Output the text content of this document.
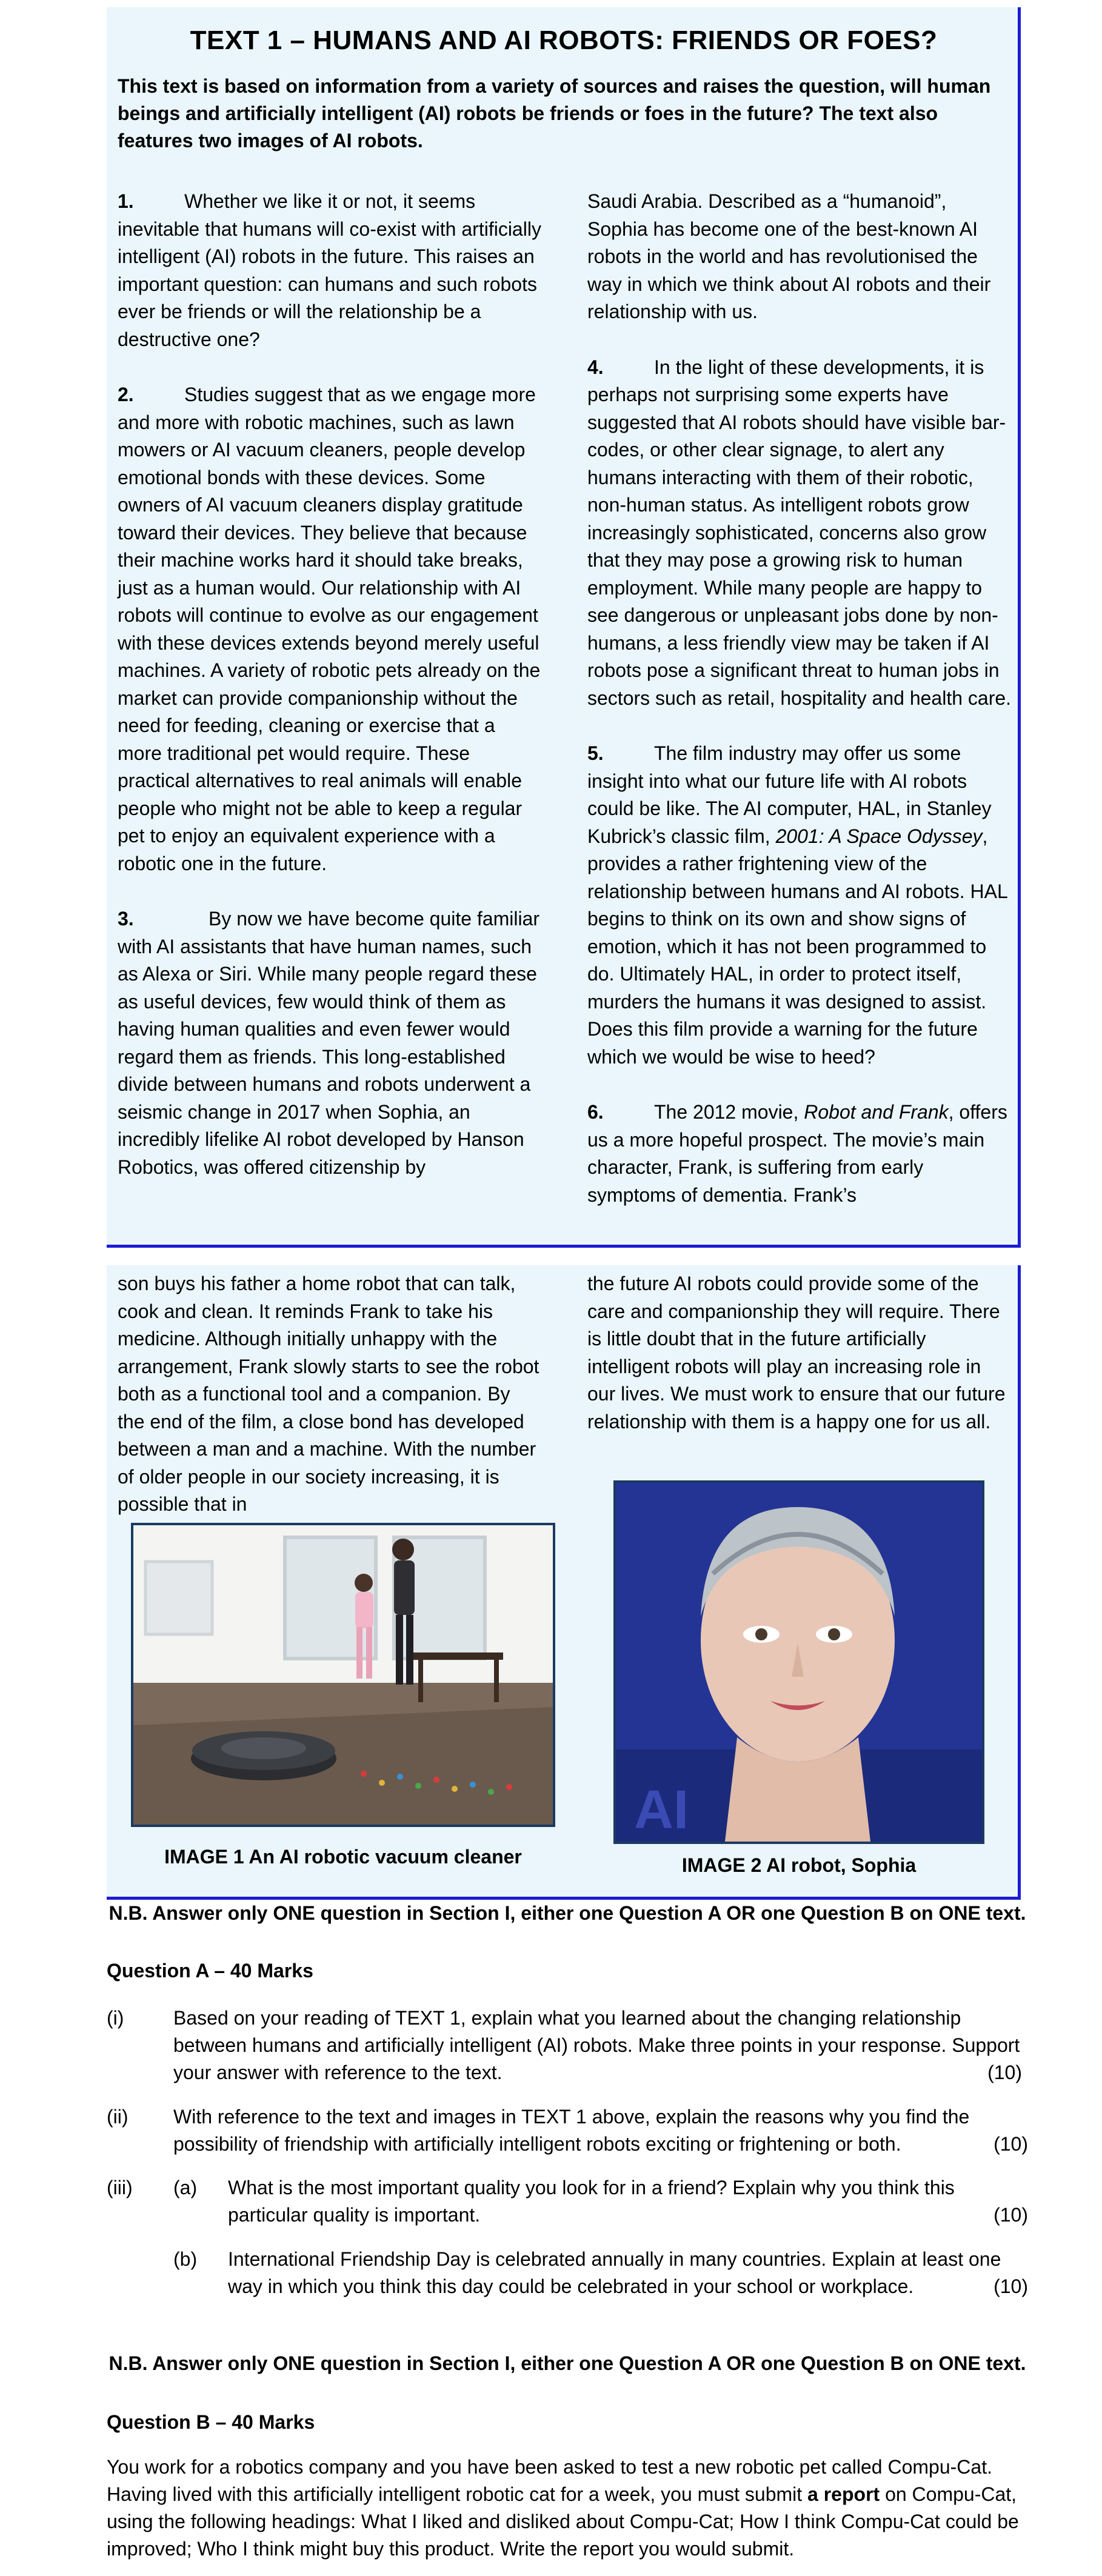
TEXT 1 – HUMANS AND AI ROBOTS: FRIENDS OR FOES?
This text is based on information from a variety of sources and raises the question, will human beings and artificially intelligent (AI) robots be friends or foes in the future? The text also features two images of AI robots.

1.	Whether we like it or not, it seems inevitable that humans will co-exist with artificially intelligent (AI) robots in the future. This raises an important question: can humans and such robots ever be friends or will the relationship be a destructive one?

2.	Studies suggest that as we engage more and more with robotic machines, such as lawn mowers or AI vacuum cleaners, people develop emotional bonds with these devices. Some owners of AI vacuum cleaners display gratitude toward their devices. They believe that because their machine works hard it should take breaks, just as a human would. Our relationship with AI robots will continue to evolve as our engagement with these devices extends beyond merely useful machines. A variety of robotic pets already on the market can provide companionship without the need for feeding, cleaning or exercise that a more traditional pet would require. These practical alternatives to real animals will enable people who might not be able to keep a regular pet to enjoy an equivalent experience with a robotic one in the future.

3.	By now we have become quite familiar with AI assistants that have human names, such as Alexa or Siri. While many people regard these as useful devices, few would think of them as having human qualities and even fewer would regard them as friends. This long-established divide between humans and robots underwent a seismic change in 2017 when Sophia, an incredibly lifelike AI robot developed by Hanson Robotics, was offered citizenship by

Saudi Arabia. Described as a “humanoid”, Sophia has become one of the best-known AI robots in the world and has revolutionised the way in which we think about AI robots and their relationship with us.

4.	In the light of these developments, it is perhaps not surprising some experts have suggested that AI robots should have visible bar-codes, or other clear signage, to alert any humans interacting with them of their robotic, non-human status. As intelligent robots grow increasingly sophisticated, concerns also grow that they may pose a growing risk to human employment. While many people are happy to see dangerous or unpleasant jobs done by non-humans, a less friendly view may be taken if AI robots pose a significant threat to human jobs in sectors such as retail, hospitality and health care.

5.	The film industry may offer us some insight into what our future life with AI robots could be like. The AI computer, HAL, in Stanley Kubrick’s classic film, 2001: A Space Odyssey, provides a rather frightening view of the relationship between humans and AI robots. HAL begins to think on its own and show signs of emotion, which it has not been programmed to do. Ultimately HAL, in order to protect itself, murders the humans it was designed to assist. Does this film provide a warning for the future which we would be wise to heed?

6.	The 2012 movie, Robot and Frank, offers us a more hopeful prospect. The movie’s main character, Frank, is suffering from early symptoms of dementia. Frank’s

son buys his father a home robot that can talk, cook and clean. It reminds Frank to take his medicine. Although initially unhappy with the arrangement, Frank slowly starts to see the robot both as a functional tool and a companion. By the end of the film, a close bond has developed between a man and a machine. With the number of older people in our society increasing, it is possible that in

the future AI robots could provide some of the care and companionship they will require. There is little doubt that in the future artificially intelligent robots will play an increasing role in our lives. We must work to ensure that our future relationship with them is a happy one for us all.

IMAGE 1 An AI robotic vacuum cleaner
AI
IMAGE 2 AI robot, Sophia
N.B. Answer only ONE question in Section I, either one Question A OR one Question B on ONE text.
Question A – 40 Marks
(i)	Based on your reading of TEXT 1, explain what you learned about the changing relationship between humans and artificially intelligent (AI) robots. Make three points in your response. Support your answer with reference to the text.	(10)
(ii) With reference to the text and images in TEXT 1 above, explain the reasons why you find the possibility of friendship with artificially intelligent robots exciting or frightening or both.	(10)
(iii) (a) What is the most important quality you look for in a friend? Explain why you think this particular quality is important.	(10)
(b) International Friendship Day is celebrated annually in many countries. Explain at least one way in which you think this day could be celebrated in your school or workplace.	(10)
N.B. Answer only ONE question in Section I, either one Question A OR one Question B on ONE text.
Question B – 40 Marks
You work for a robotics company and you have been asked to test a new robotic pet called Compu-Cat. Having lived with this artificially intelligent robotic cat for a week, you must submit a report on Compu-Cat, using the following headings: What I liked and disliked about Compu-Cat; How I think Compu-Cat could be improved; Who I think might buy this product. Write the report you would submit.
